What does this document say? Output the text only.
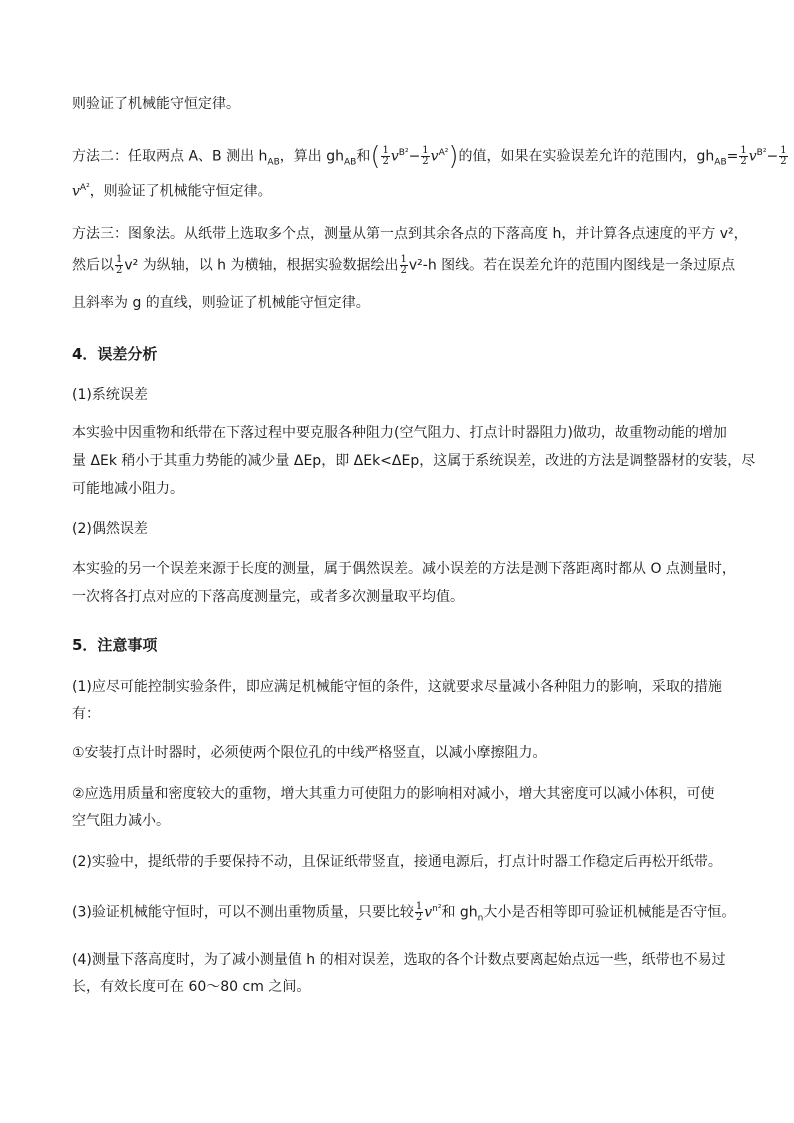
则验证了机械能守恒定律。
方法二：任取两点 A、B 测出 $h_{AB}$，算出 $gh_{AB}$和( $\frac{1}{2} v^{B^2}- \frac{1}{2} v^{A^2}$)的值，如果在实验误差允许的范围内，$gh_{AB}= \frac{1}{2} v^{B^2}- \frac{1}{2}$
$v^{A^2}$，则验证了机械能守恒定律。
方法三：图象法。从纸带上选取多个点，测量从第一点到其余各点的下落高度 h，并计算各点速度的平方 v²，
然后以 $\frac{1}{2} v^2$ 为纵轴，以 h 为横轴，根据实验数据绘出 $\frac{1}{2} v^2-h$ 图线。若在误差允许的范围内图线是一条过原点
且斜率为 g 的直线，则验证了机械能守恒定律。
4．误差分析
(1)系统误差
本实验中因重物和纸带在下落过程中要克服各种阻力(空气阻力、打点计时器阻力)做功，故重物动能的增加
量 ΔEk 稍小于其重力势能的减少量 ΔEp，即 ΔEk<ΔEp，这属于系统误差，改进的方法是调整器材的安装，尽
可能地减小阻力。
(2)偶然误差
本实验的另一个误差来源于长度的测量，属于偶然误差。减小误差的方法是测下落距离时都从 O 点测量时，
一次将各打点对应的下落高度测量完，或者多次测量取平均值。
5．注意事项
(1)应尽可能控制实验条件，即应满足机械能守恒的条件，这就要求尽量减小各种阻力的影响，采取的措施
有：
①安装打点计时器时，必须使两个限位孔的中线严格竖直，以减小摩擦阻力。
②应选用质量和密度较大的重物，增大其重力可使阻力的影响相对减小，增大其密度可以减小体积，可使
空气阻力减小。
(2)实验中，提纸带的手要保持不动，且保证纸带竖直，接通电源后，打点计时器工作稳定后再松开纸带。
(3)验证机械能守恒时，可以不测出重物质量，只要比较 $\frac{1}{2} v^{n^2}$和 $gh_n$大小是否相等即可验证机械能是否守恒。
(4)测量下落高度时，为了减小测量值 h 的相对误差，选取的各个计数点要离起始点远一些，纸带也不易过
长，有效长度可在 60～80 cm 之间。
